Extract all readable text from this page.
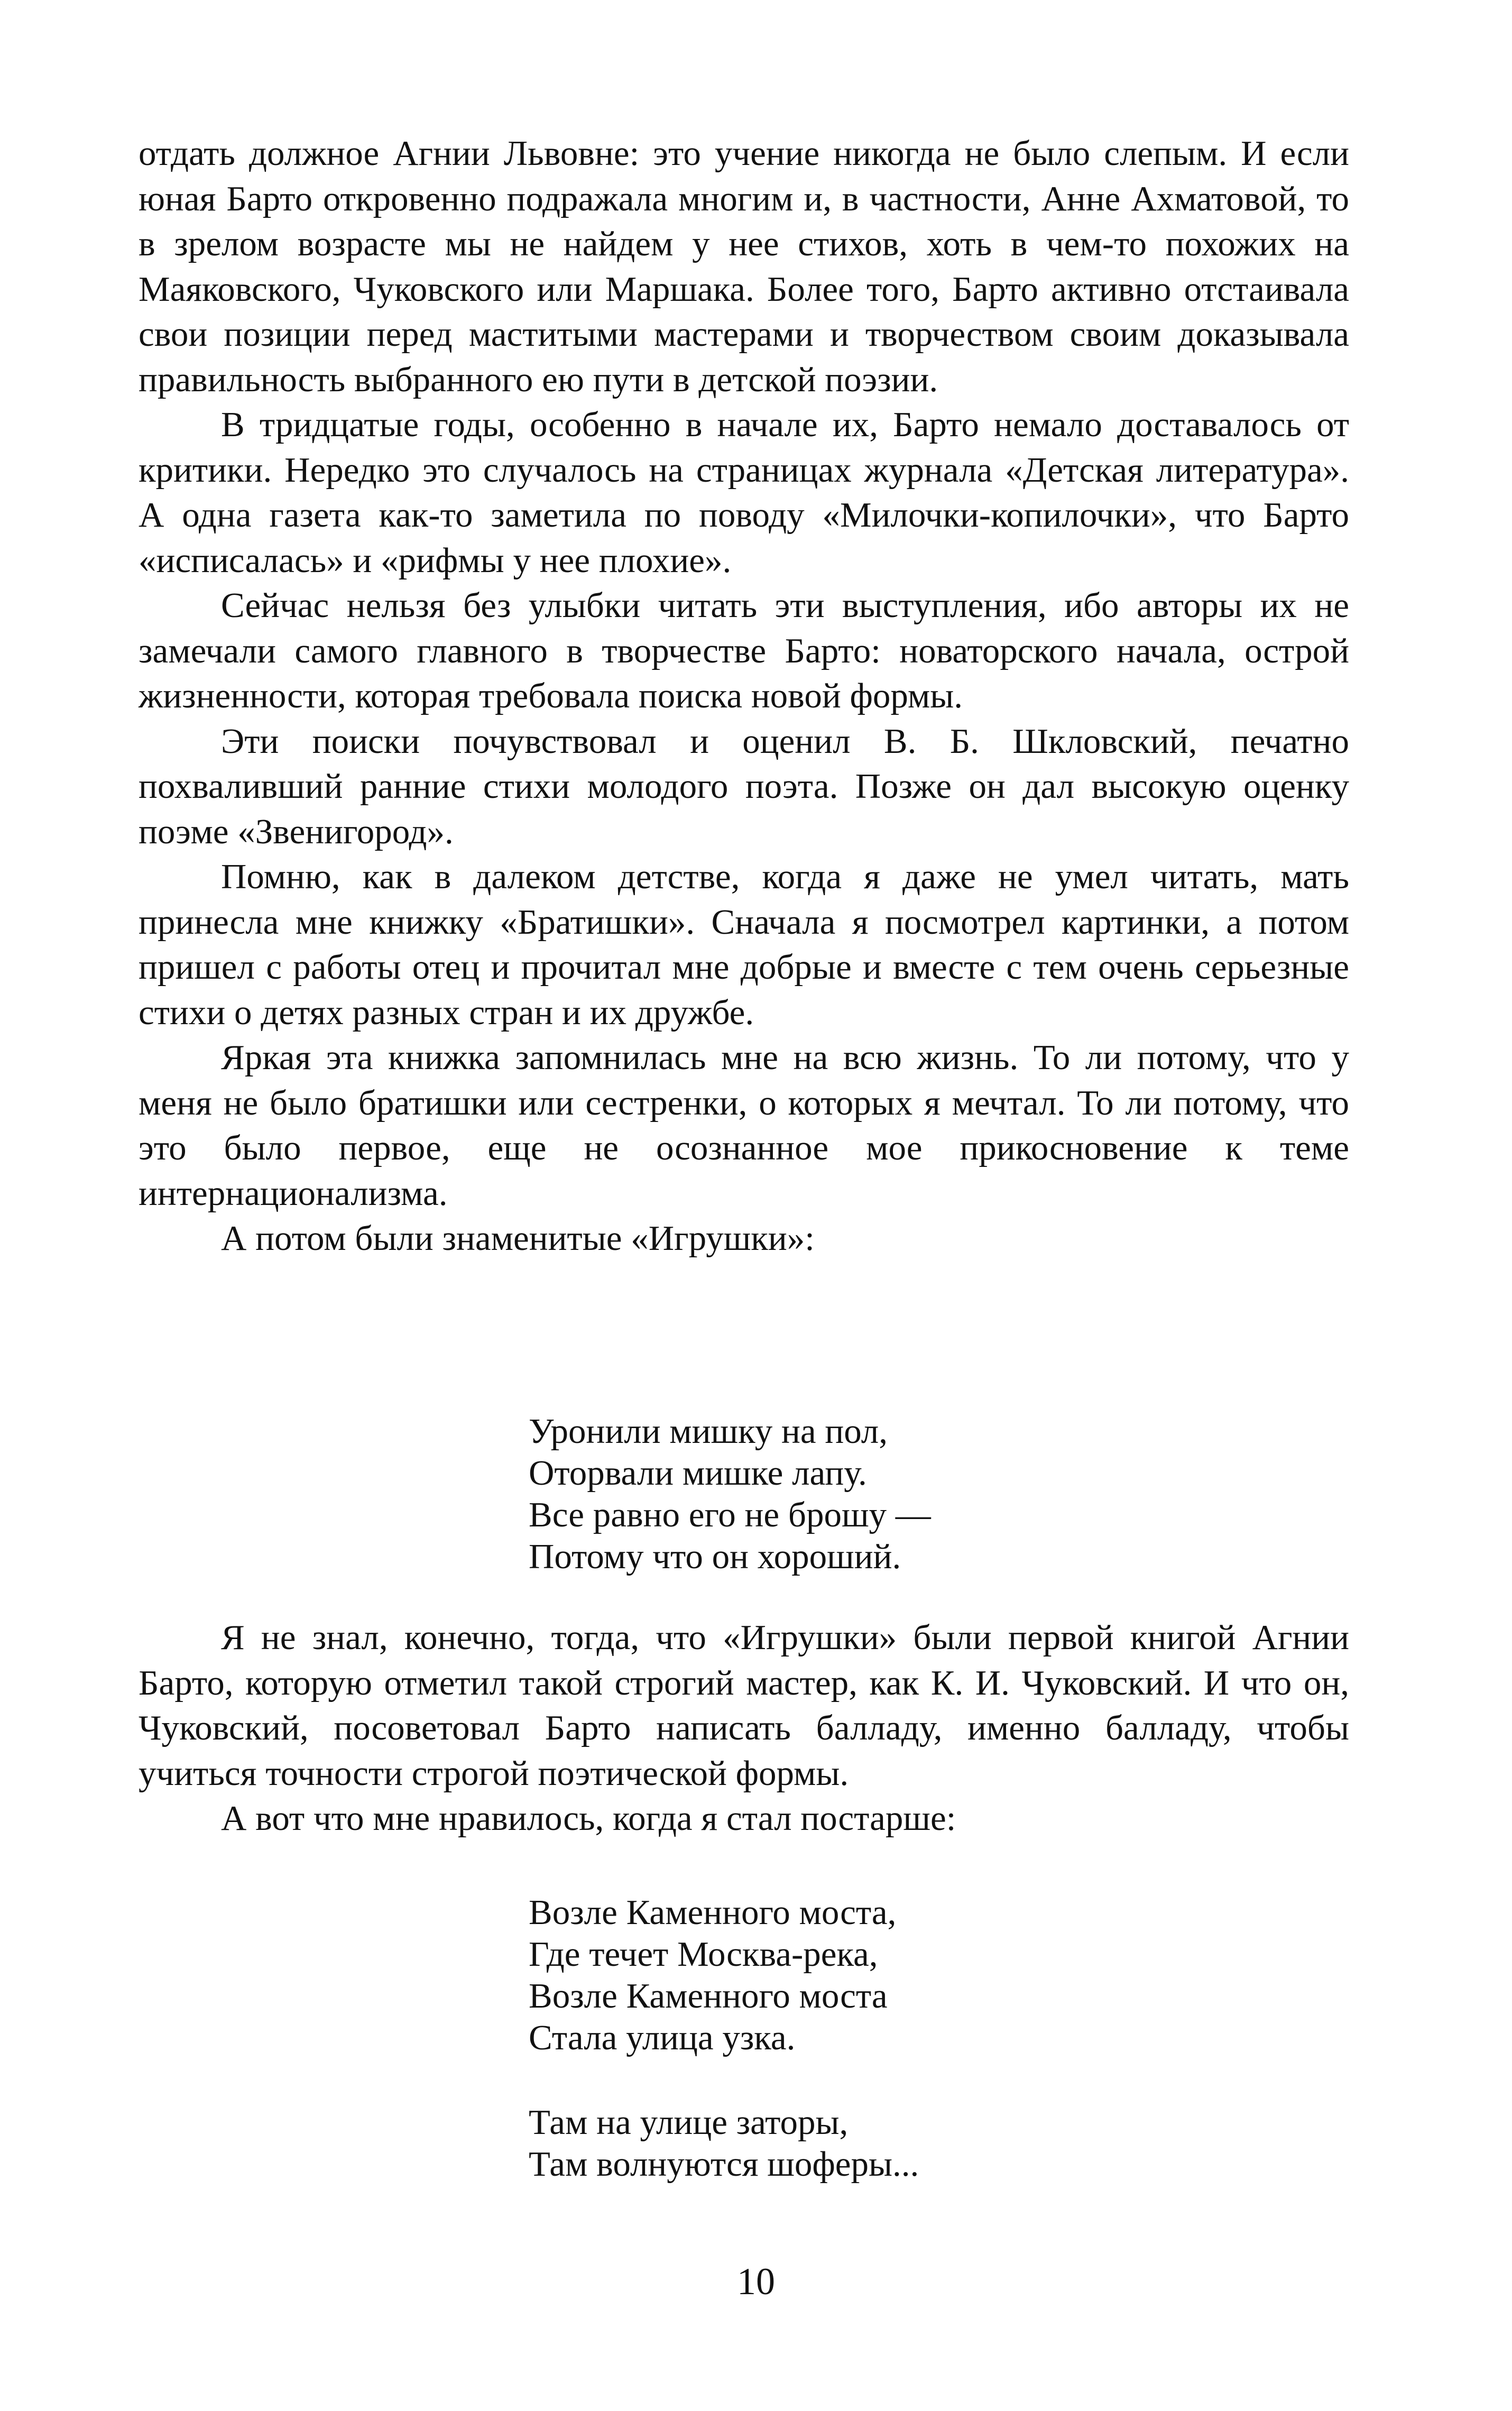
отдать должное Агнии Львовне: это учение никогда не было слепым. И если юная Барто откровенно подражала многим и, в частности, Анне Ахматовой, то в зрелом возрасте мы не найдем у нее стихов, хоть в чем-то похожих на Маяковского, Чуковского или Маршака. Более того, Барто активно отстаивала свои позиции перед маститыми мастерами и творчеством своим доказывала правильность выбранного ею пути в детской поэзии.

В тридцатые годы, особенно в начале их, Барто немало доставалось от критики. Нередко это случалось на страницах журнала «Детская литература». А одна газета как-то заметила по поводу «Милочки-копилочки», что Барто «исписалась» и «рифмы у нее плохие».

Сейчас нельзя без улыбки читать эти выступления, ибо авторы их не замечали самого главного в творчестве Барто: новаторского начала, острой жизненности, которая требовала поиска новой формы.

Эти поиски почувствовал и оценил В. Б. Шкловский, печатно похваливший ранние стихи молодого поэта. Позже он дал высокую оценку поэме «Звенигород».

Помню, как в далеком детстве, когда я даже не умел читать, мать принесла мне книжку «Братишки». Сначала я посмотрел картинки, а потом пришел с работы отец и прочитал мне добрые и вместе с тем очень серьезные стихи о детях разных стран и их дружбе.

Яркая эта книжка запомнилась мне на всю жизнь. То ли потому, что у меня не было братишки или сестренки, о которых я мечтал. То ли потому, что это было первое, еще не осознанное мое прикосновение к теме интернационализма.

А потом были знаменитые «Игрушки»:

Уронили мишку на пол,
Оторвали мишке лапу.
Все равно его не брошу —
Потому что он хороший.

Я не знал, конечно, тогда, что «Игрушки» были первой книгой Агнии Барто, которую отметил такой строгий мастер, как К. И. Чуковский. И что он, Чуковский, посоветовал Барто написать балладу, именно балладу, чтобы учиться точности строгой поэтической формы.

А вот что мне нравилось, когда я стал постарше:

Возле Каменного моста,
Где течет Москва-река,
Возле Каменного моста
Стала улица узка.
Там на улице заторы,
Там волнуются шоферы...
10
